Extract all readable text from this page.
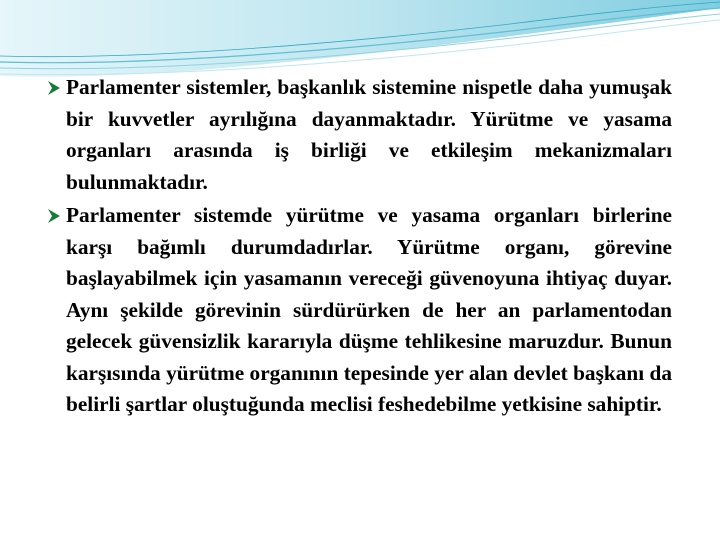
Parlamenter sistemler, başkanlık sistemine nispetle daha yumuşak bir kuvvetler ayrılığına dayanmaktadır. Yürütme ve yasama organları arasında iş birliği ve etkileşim mekanizmaları bulunmaktadır.

Parlamenter sistemde yürütme ve yasama organları birlerine karşı bağımlı durumdadırlar. Yürütme organı, görevine başlayabilmek için yasamanın vereceği güvenoyuna ihtiyaç duyar. Aynı şekilde görevinin sürdürürken de her an parlamentodan gelecek güvensizlik kararıyla düşme tehlikesine maruzdur. Bunun karşısında yürütme organının tepesinde yer alan devlet başkanı da belirli şartlar oluştuğunda meclisi feshedebilme yetkisine sahiptir.
